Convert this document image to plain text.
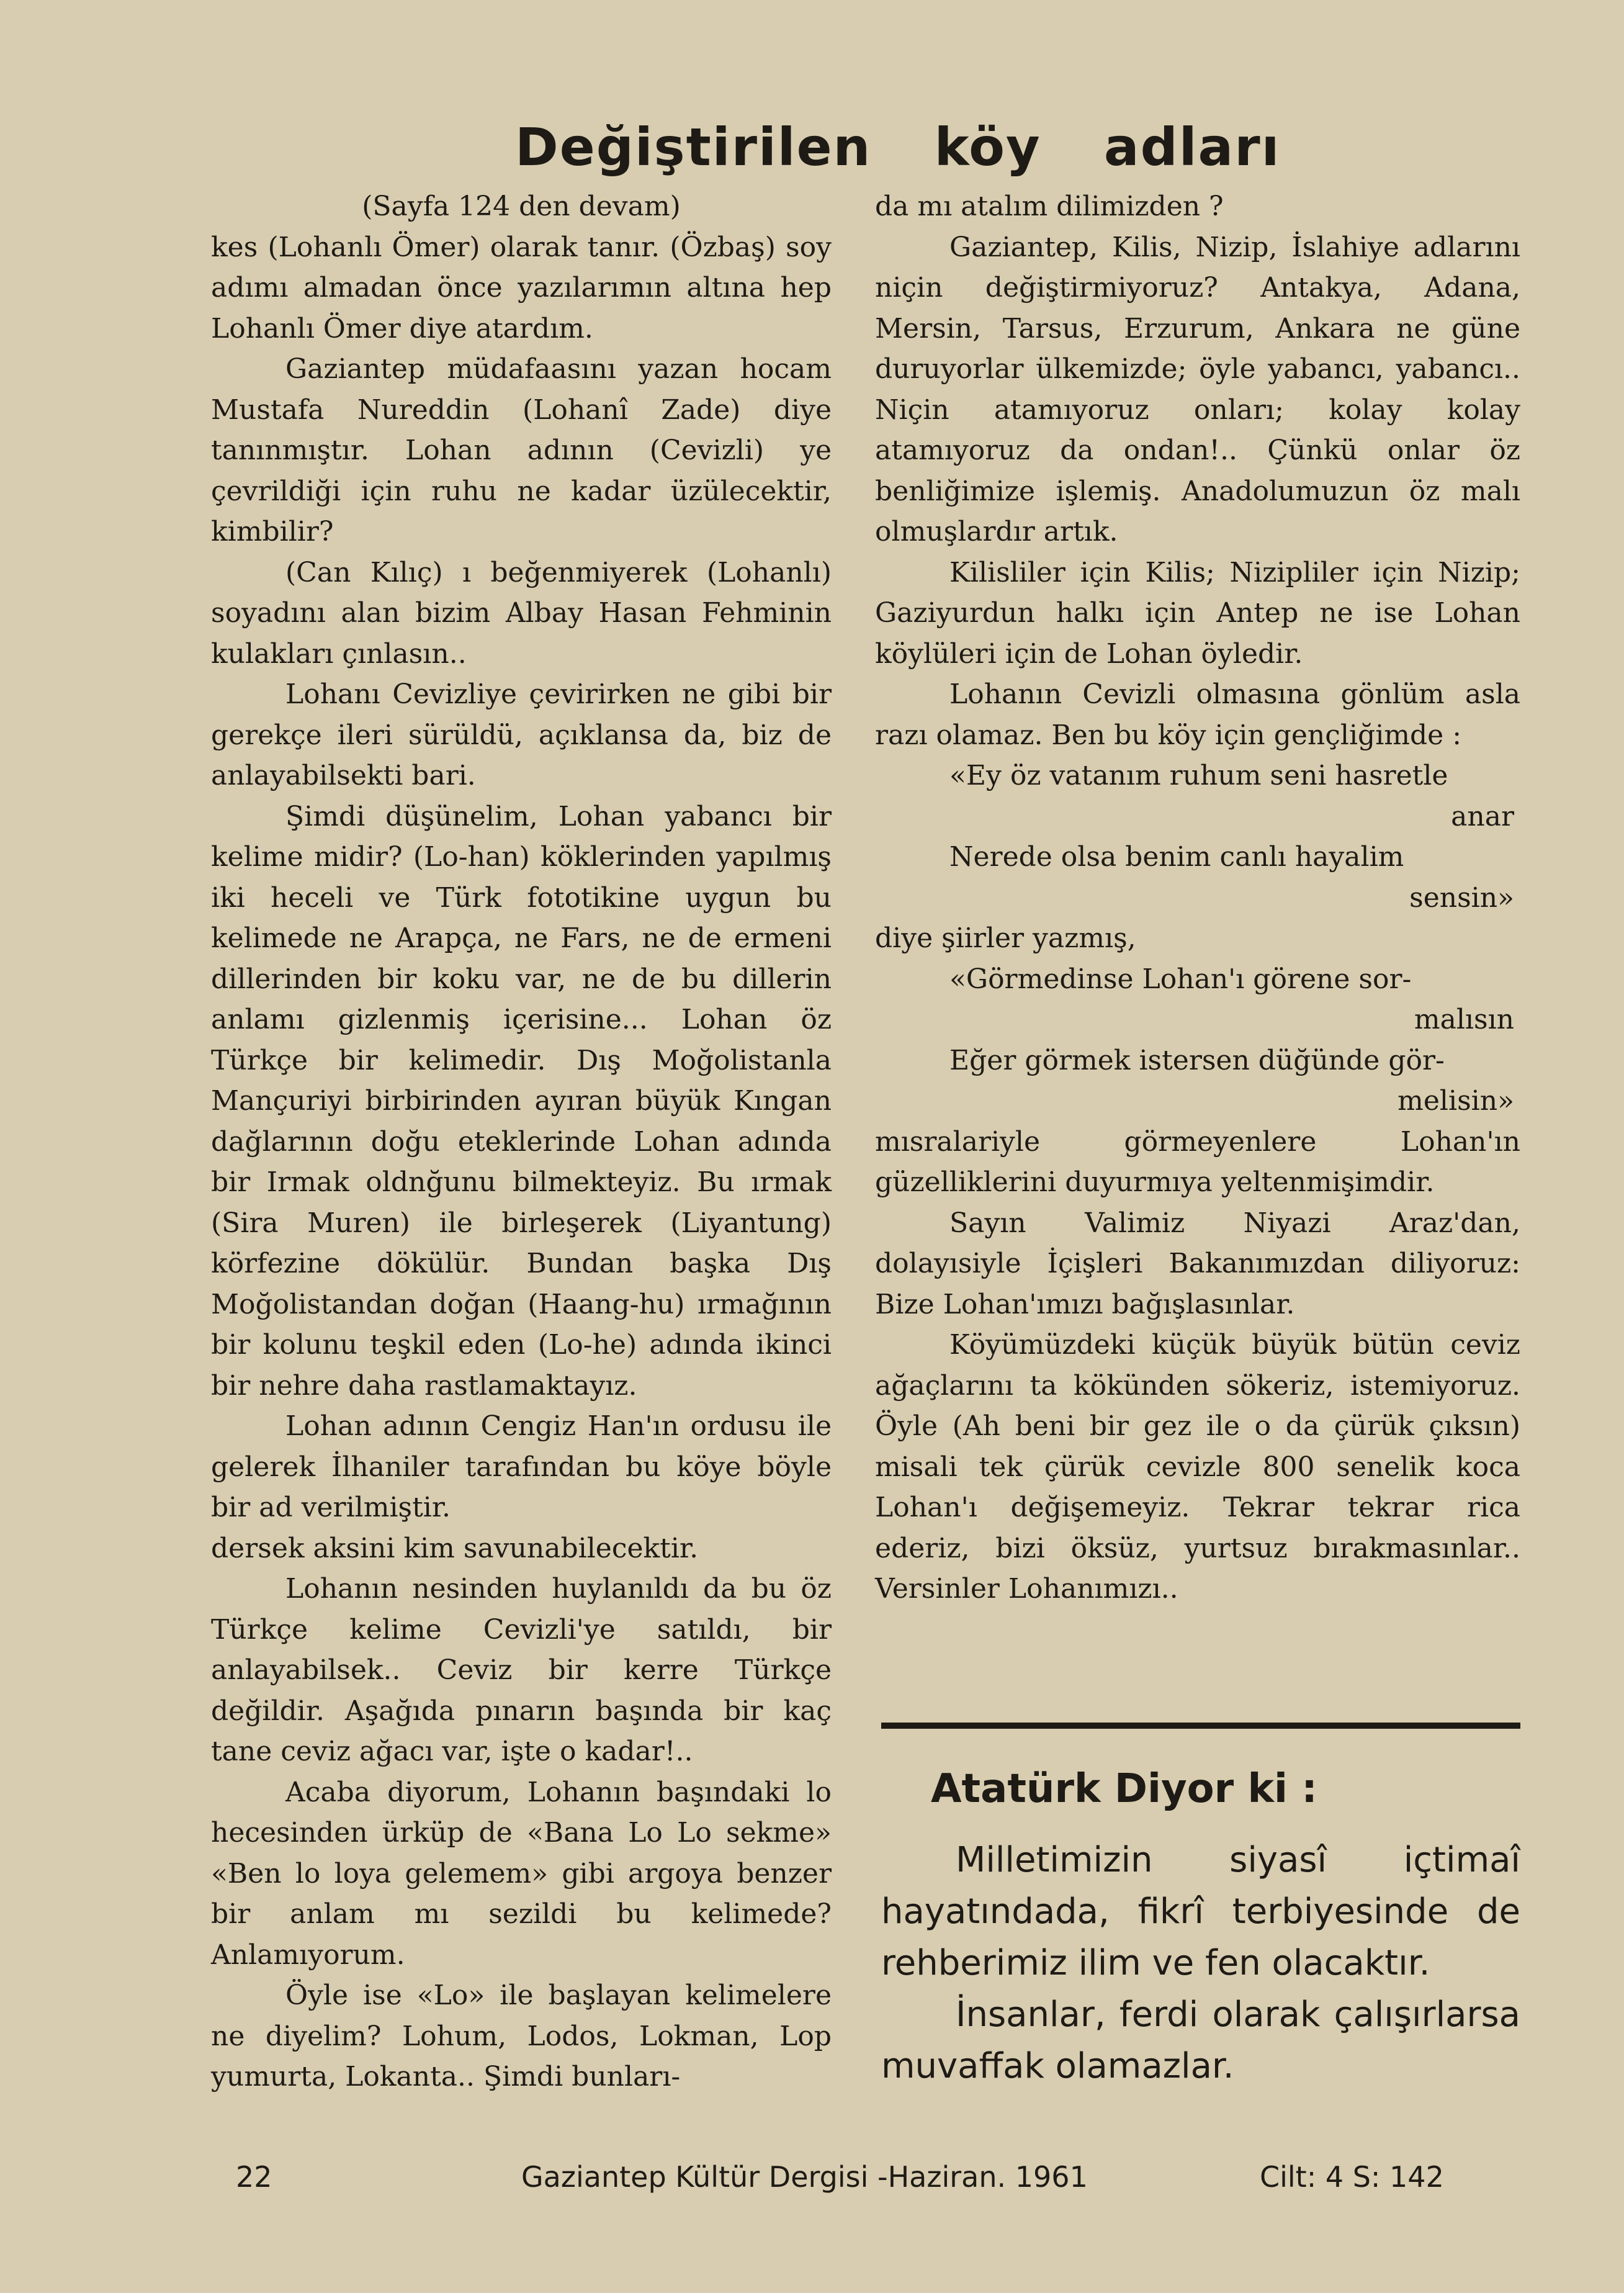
Değiştirilen köy adları

(Sayfa 124 den devam)

kes (Lohanlı Ömer) olarak tanır. (Özbaş) soy adımı almadan önce yazılarımın altına hep Lohanlı Ömer diye atardım.

Gaziantep müdafaasını yazan hocam Mustafa Nureddin (Lohanî Zade) diye tanınmıştır. Lohan adının (Cevizli) ye çevrildiği için ruhu ne kadar üzülecektir, kimbilir?

(Can Kılıç) ı beğenmiyerek (Lohanlı) soyadını alan bizim Albay Hasan Fehminin kulakları çınlasın..

Lohanı Cevizliye çevirirken ne gibi bir gerekçe ileri sürüldü, açıklansa da, biz de anlayabilsekti bari.

Şimdi düşünelim, Lohan yabancı bir kelime midir? (Lo-han) köklerinden yapılmış iki heceli ve Türk fototikine uygun bu kelimede ne Arapça, ne Fars, ne de ermeni dillerinden bir koku var, ne de bu dillerin anlamı gizlenmiş içerisine... Lohan öz Türkçe bir kelimedir. Dış Moğolistanla Mançuriyi birbirinden ayıran büyük Kıngan dağlarının doğu eteklerinde Lohan adında bir Irmak oldnğunu bilmekteyiz. Bu ırmak (Sira Muren) ile birleşerek (Liyantung) körfezine dökülür. Bundan başka Dış Moğolistandan doğan (Haang-hu) ırmağının bir kolunu teşkil eden (Lo-he) adında ikinci bir nehre daha rastlamaktayız.

Lohan adının Cengiz Han'ın ordusu ile gelerek İlhaniler tarafından bu köye böyle bir ad verilmiştir.

dersek aksini kim savunabilecektir.

Lohanın nesinden huylanıldı da bu öz Türkçe kelime Cevizli'ye satıldı, bir anlayabilsek.. Ceviz bir kerre Türkçe değildir. Aşağıda pınarın başında bir kaç tane ceviz ağacı var, işte o kadar!..

Acaba diyorum, Lohanın başındaki lo hecesinden ürküp de «Bana Lo Lo sekme» «Ben lo loya gelemem» gibi argoya benzer bir anlam mı sezildi bu kelimede? Anlamıyorum.

Öyle ise «Lo» ile başlayan kelimelere ne diyelim? Lohum, Lodos, Lokman, Lop yumurta, Lokanta.. Şimdi bunları-

da mı atalım dilimizden ?

Gaziantep, Kilis, Nizip, İslahiye adlarını niçin değiştirmiyoruz? Antakya, Adana, Mersin, Tarsus, Erzurum, Ankara ne güne duruyorlar ülkemizde; öyle yabancı, yabancı.. Niçin atamıyoruz onları; kolay kolay atamıyoruz da ondan!.. Çünkü onlar öz benliğimize işlemiş. Anadolumuzun öz malı olmuşlardır artık.

Kilisliler için Kilis; Nizipliler için Nizip; Gaziyurdun halkı için Antep ne ise Lohan köylüleri için de Lohan öyledir.

Lohanın Cevizli olmasına gönlüm asla razı olamaz. Ben bu köy için gençliğimde :

«Ey öz vatanım ruhum seni hasretle
anar
Nerede olsa benim canlı hayalim
sensin»

diye şiirler yazmış,

«Görmedinse Lohan'ı görene sor-
malısın
Eğer görmek istersen düğünde gör-
melisin»

mısralariyle görmeyenlere Lohan'ın güzelliklerini duyurmıya yeltenmişimdir.

Sayın Valimiz Niyazi Araz'dan, dolayısiyle İçişleri Bakanımızdan diliyoruz: Bize Lohan'ımızı bağışlasınlar.

Köyümüzdeki küçük büyük bütün ceviz ağaçlarını ta kökünden sökeriz, istemiyoruz. Öyle (Ah beni bir gez ile o da çürük çıksın) misali tek çürük cevizle 800 senelik koca Lohan'ı değişemeyiz. Tekrar tekrar rica ederiz, bizi öksüz, yurtsuz bırakmasınlar.. Versinler Lohanımızı..

Atatürk Diyor ki :

Milletimizin siyasî içtimaî hayatındada, fikrî terbiyesinde de rehberimiz ilim ve fen olacaktır.

İnsanlar, ferdi olarak çalışırlarsa muvaffak olamazlar.

22	Gaziantep Kültür Dergisi -Haziran. 1961	Cilt: 4 S: 142
